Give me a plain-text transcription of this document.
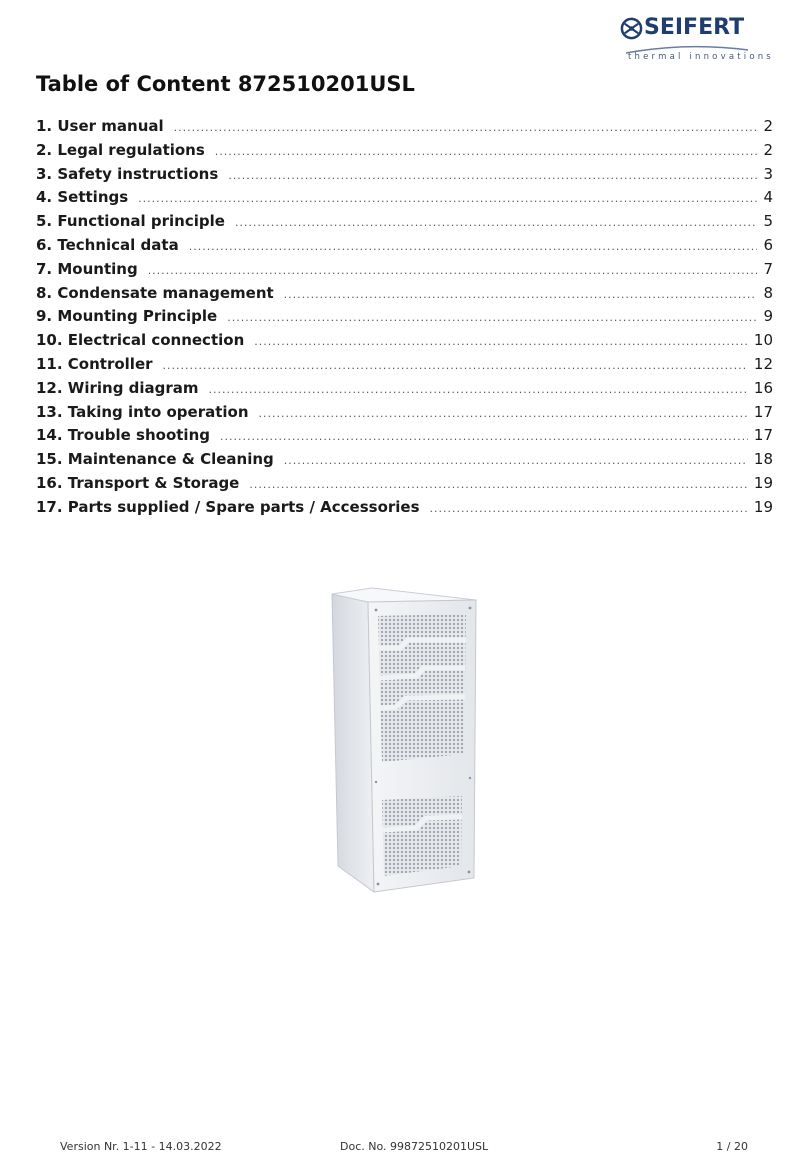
SEIFERT
thermal innovations
Table of Content 872510201USL
1. User manual .....	2
2. Legal regulations .....	2
3. Safety instructions .....	3
4. Settings .....	4
5. Functional principle .....	5
6. Technical data .....	6
7. Mounting .....	7
8. Condensate management .....	8
9. Mounting Principle .....	9
10. Electrical connection .....	10
11. Controller .....	12
12. Wiring diagram .....	16
13. Taking into operation .....	17
14. Trouble shooting .....	17
15. Maintenance & Cleaning .....	18
16. Transport & Storage .....	19
17. Parts supplied / Spare parts / Accessories .....	19
Version Nr. 1-11 - 14.03.2022	Doc. No. 99872510201USL	1 / 20
